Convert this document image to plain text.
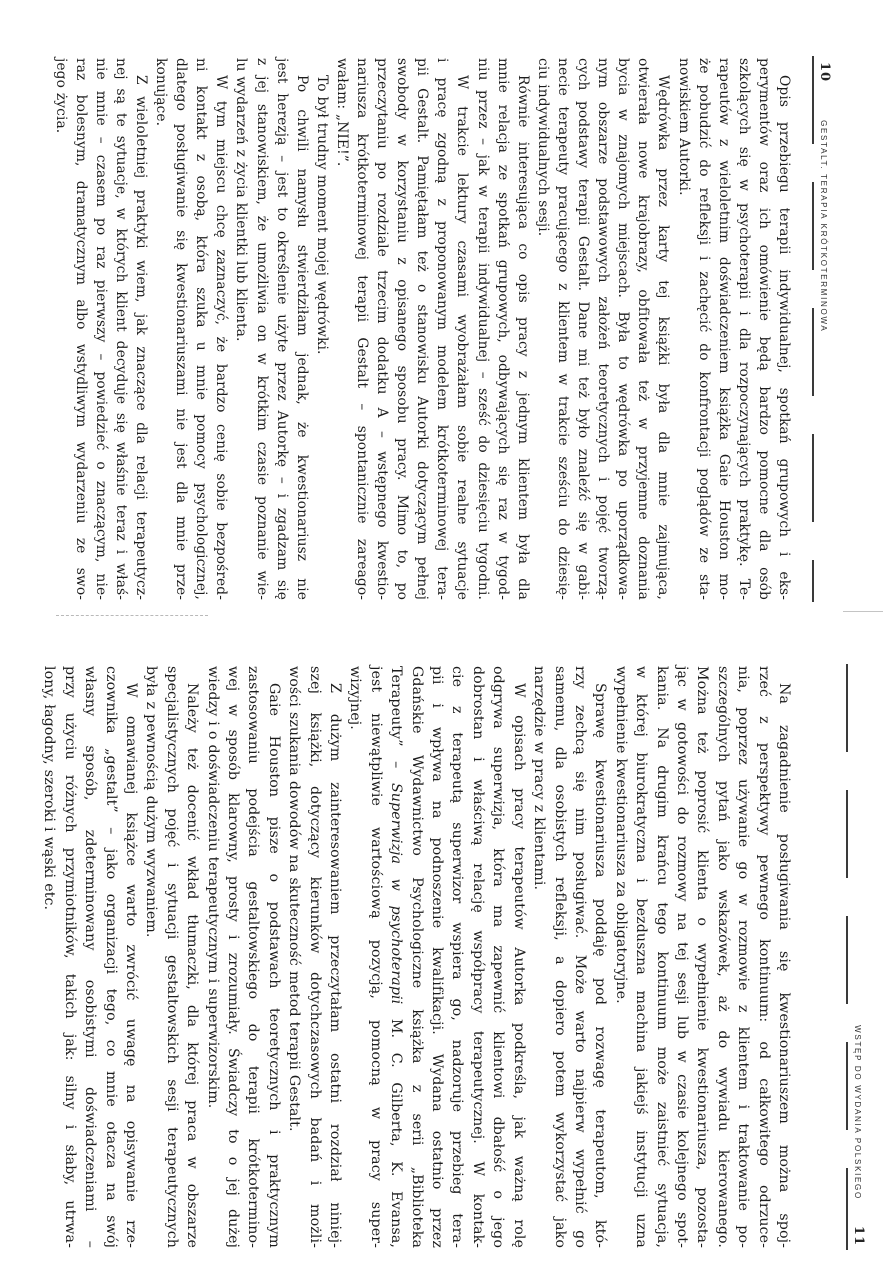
10
GESTALT. TERAPIA KRÓTKOTERMINOWA
Opis przebiegu terapii indywidualnej, spotkań grupowych i eks-
perymentów oraz ich omówienie będą bardzo pomocne dla osób
szkolących się w psychoterapii i dla rozpoczynających praktykę. Te-
rapeutów z wieloletnim doświadczeniem książka Gaie Houston mo-
że pobudzić do refleksji i zachęcić do konfrontacji poglądów ze sta-
nowiskiem Autorki.
Wędrówka przez karty tej książki była dla mnie zajmująca,
otwierała nowe krajobrazy, obfitowała też w przyjemne doznania
bycia w znajomych miejscach. Była to wędrówka po uporządkowa-
nym obszarze podstawowych założeń teoretycznych i pojęć tworzą-
cych podstawy terapii Gestalt. Dane mi też było znaleźć się w gabi-
necie terapeuty pracującego z klientem w trakcie sześciu do dziesię-
ciu indywidualnych sesji.
Równie interesująca co opis pracy z jednym klientem była dla
mnie relacja ze spotkań grupowych, odbywających się raz w tygod-
niu przez – jak w terapii indywidualnej – sześć do dziesięciu tygodni.
W trakcie lektury czasami wyobrażałam sobie realne sytuacje
i pracę zgodną z proponowanym modelem krótkoterminowej tera-
pii Gestalt. Pamiętałam też o stanowisku Autorki dotyczącym pełnej
swobody w korzystaniu z opisanego sposobu pracy. Mimo to, po
przeczytaniu po rozdziale trzecim dodatku A – wstępnego kwestio-
nariusza krótkoterminowej terapii Gestalt – spontanicznie zareago-
wałam: „NIE!”.
To był trudny moment mojej wędrówki.
Po chwili namysłu stwierdziłam jednak, że kwestionariusz nie
jest herezją – jest to określenie użyte przez Autorkę – i zgadzam się
z jej stanowiskiem, że umożliwia on w krótkim czasie poznanie wie-
lu wydarzeń z życia klientki lub klienta.
W tym miejscu chcę zaznaczyć, że bardzo cenię sobie bezpośred-
ni kontakt z osobą, która szuka u mnie pomocy psychologicznej,
dlatego posługiwanie się kwestionariuszami nie jest dla mnie prze-
konujące.
Z wieloletniej praktyki wiem, jak znaczące dla relacji terapeutycz-
nej są te sytuacje, w których klient decyduje się właśnie teraz i właś-
nie mnie – czasem po raz pierwszy – powiedzieć o znaczącym, nie-
raz bolesnym, dramatycznym albo wstydliwym wydarzeniu ze swo-
jego życia.
WSTĘP DO WYDANIA POLSKIEGO
11
Na zagadnienie posługiwania się kwestionariuszem można spoj-
rzeć z perspektywy pewnego kontinuum: od całkowitego odrzuce-
nia, poprzez używanie go w rozmowie z klientem i traktowanie po-
szczególnych pytań jako wskazówek, aż do wywiadu kierowanego.
Można też poprosić klienta o wypełnienie kwestionariusza, pozosta-
jąc w gotowości do rozmowy na tej sesji lub w czasie kolejnego spot-
kania. Na drugim krańcu tego kontinuum może zaistnieć sytuacja,
w której biurokratyczna i bezduszna machina jakiejś instytucji uzna
wypełnienie kwestionariusza za obligatoryjne.
Sprawę kwestionariusza poddaję pod rozwagę terapeutom, któ-
rzy zechcą się nim posługiwać. Może warto najpierw wypełnić go
samemu, dla osobistych refleksji, a dopiero potem wykorzystać jako
narzędzie w pracy z klientami.
W opisach pracy terapeutów Autorka podkreśla, jak ważną rolę
odgrywa superwizja, która ma zapewnić klientowi dbałość o jego
dobrostan i właściwą relację współpracy terapeutycznej. W kontak-
cie z terapeutą superwizor wspiera go, nadzoruje przebieg tera-
pii i wpływa na podnoszenie kwalifikacji. Wydana ostatnio przez
Gdańskie Wydawnictwo Psychologiczne książka z serii „Biblioteka
Terapeuty” – Superwizja w psychoterapii M. C. Gilberta, K. Evansa,
jest niewątpliwie wartościową pozycją, pomocną w pracy super-
wizyjnej.
Z dużym zainteresowaniem przeczytałam ostatni rozdział niniej-
szej książki, dotyczący kierunków dotychczasowych badań i możli-
wości szukania dowodów na skuteczność metod terapii Gestalt.
Gaie Houston pisze o podstawach teoretycznych i praktycznym
zastosowaniu podejścia gestaltowskiego do terapii krótkotermino-
wej w sposób klarowny, prosty i zrozumiały. Świadczy to o jej dużej
wiedzy i o doświadczeniu terapeutycznym i superwizorskim.
Należy też docenić wkład tłumaczki, dla której praca w obszarze
specjalistycznych pojęć i sytuacji gestaltowskich sesji terapeutycznych
była z pewnością dużym wyzwaniem.
W omawianej książce warto zwrócić uwagę na opisywanie rze-
czownika „gestalt” – jako organizacji tego, co mnie otacza na swój
własny sposób, zdeterminowany osobistymi doświadczeniami –
przy użyciu różnych przymiotników, takich jak: silny i słaby, utrwa-
lony, łagodny, szeroki i wąski etc.
